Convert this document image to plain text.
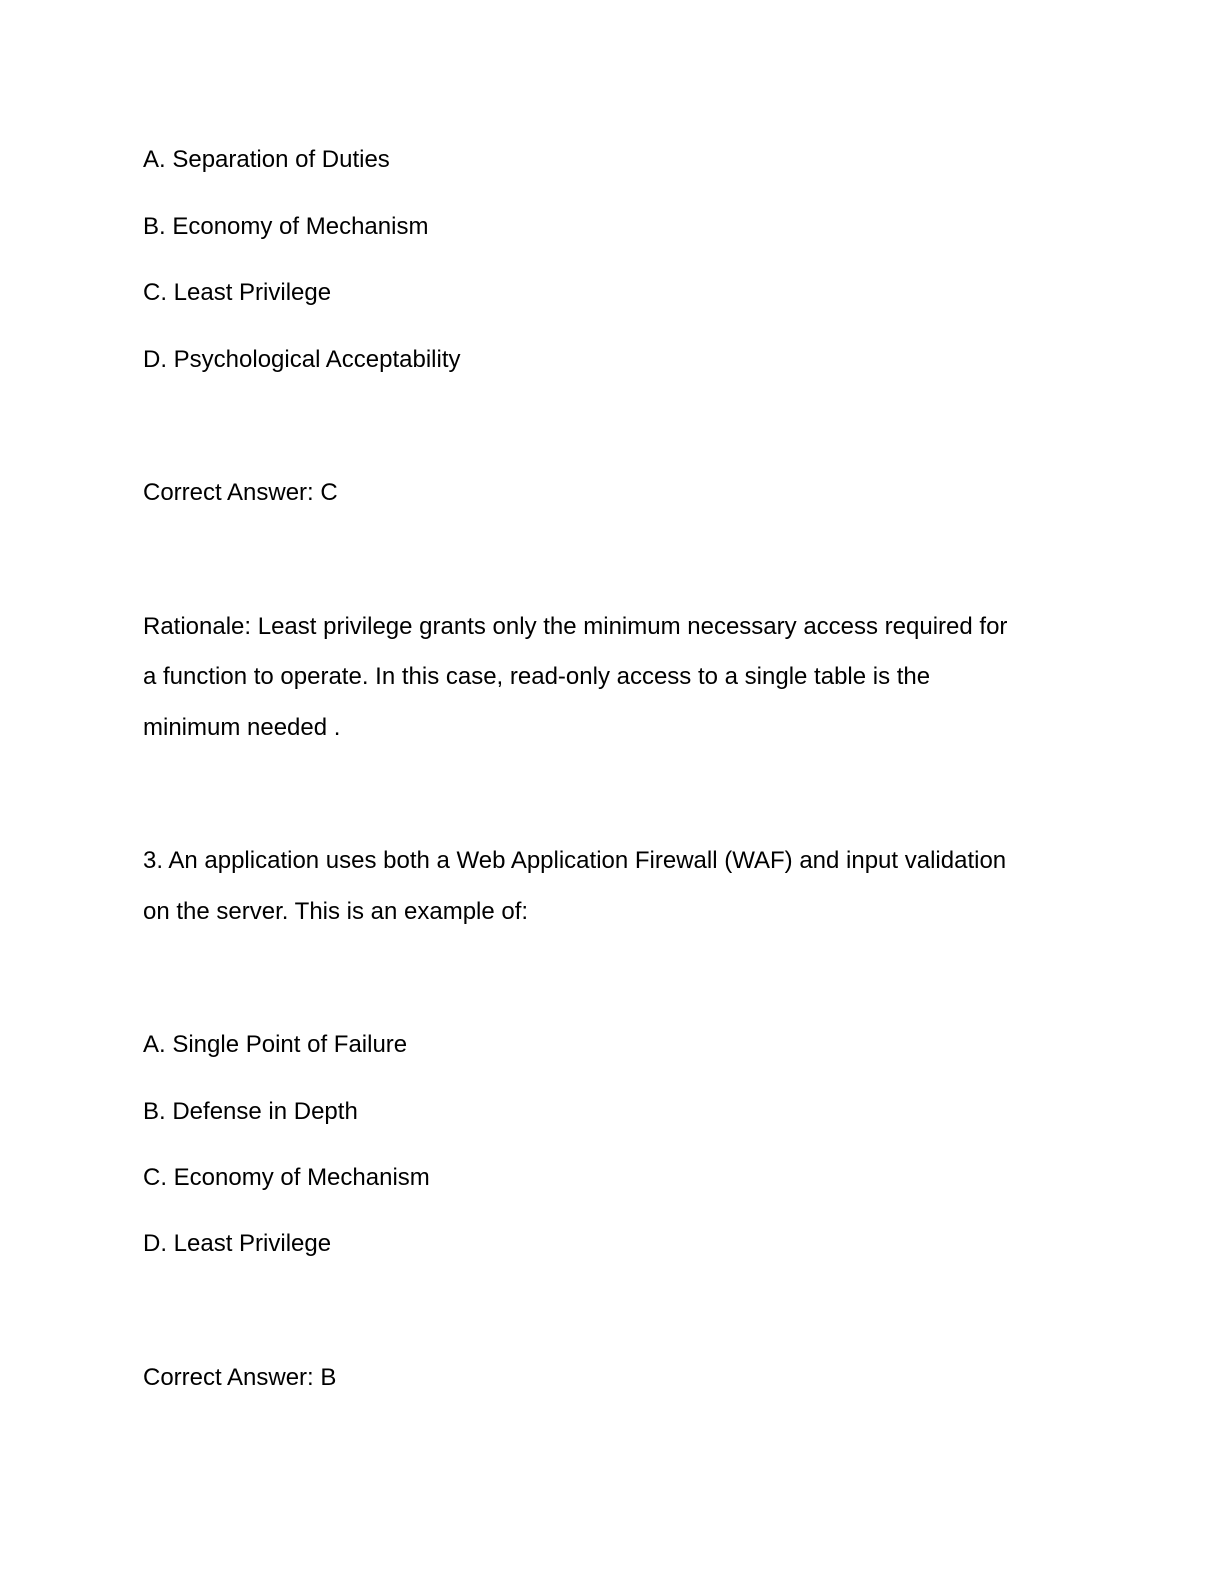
A. Separation of Duties
B. Economy of Mechanism
C. Least Privilege
D. Psychological Acceptability
Correct Answer: C
Rationale: Least privilege grants only the minimum necessary access required for
a function to operate. In this case, read-only access to a single table is the
minimum needed .
3. An application uses both a Web Application Firewall (WAF) and input validation
on the server. This is an example of:
A. Single Point of Failure
B. Defense in Depth
C. Economy of Mechanism
D. Least Privilege
Correct Answer: B
